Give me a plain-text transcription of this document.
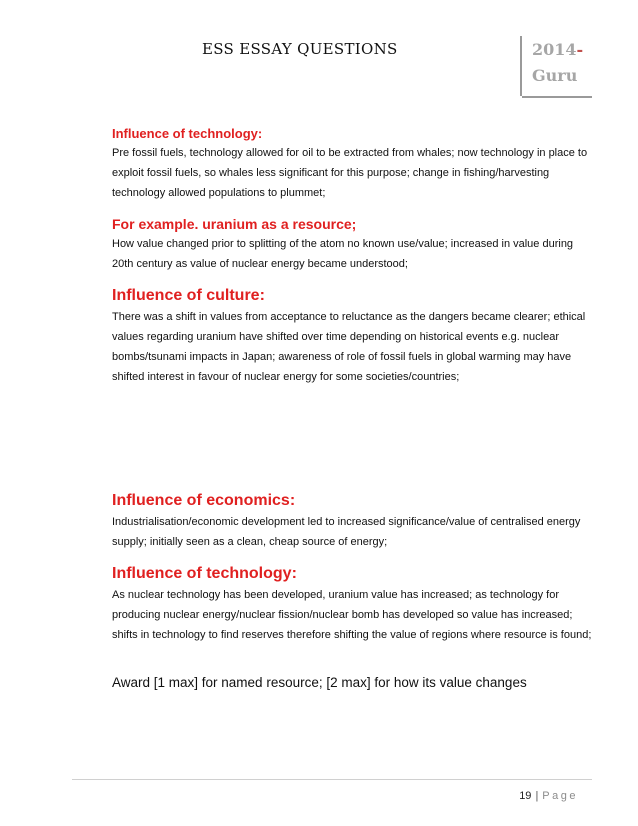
ESS ESSAY QUESTIONS	2014-
Guru
Influence of technology:

Pre fossil fuels, technology allowed for oil to be extracted from whales; now technology in place to exploit fossil fuels, so whales less significant for this purpose; change in fishing/harvesting technology allowed populations to plummet;

For example. uranium as a resource;

How value changed prior to splitting of the atom no known use/value; increased in value during 20th century as value of nuclear energy became understood;

Influence of culture:

There was a shift in values from acceptance to reluctance as the dangers became clearer; ethical values regarding uranium have shifted over time depending on historical events e.g. nuclear bombs/tsunami impacts in Japan; awareness of role of fossil fuels in global warming may have shifted interest in favour of nuclear energy for some societies/countries;

Influence of economics:

Industrialisation/economic development led to increased significance/value of centralised energy supply; initially seen as a clean, cheap source of energy;

Influence of technology:

As nuclear technology has been developed, uranium value has increased; as technology for producing nuclear energy/nuclear fission/nuclear bomb has developed so value has increased; shifts in technology to find reserves therefore shifting the value of regions where resource is found;

Award [1 max] for named resource; [2 max] for how its value changes
19 | Page
